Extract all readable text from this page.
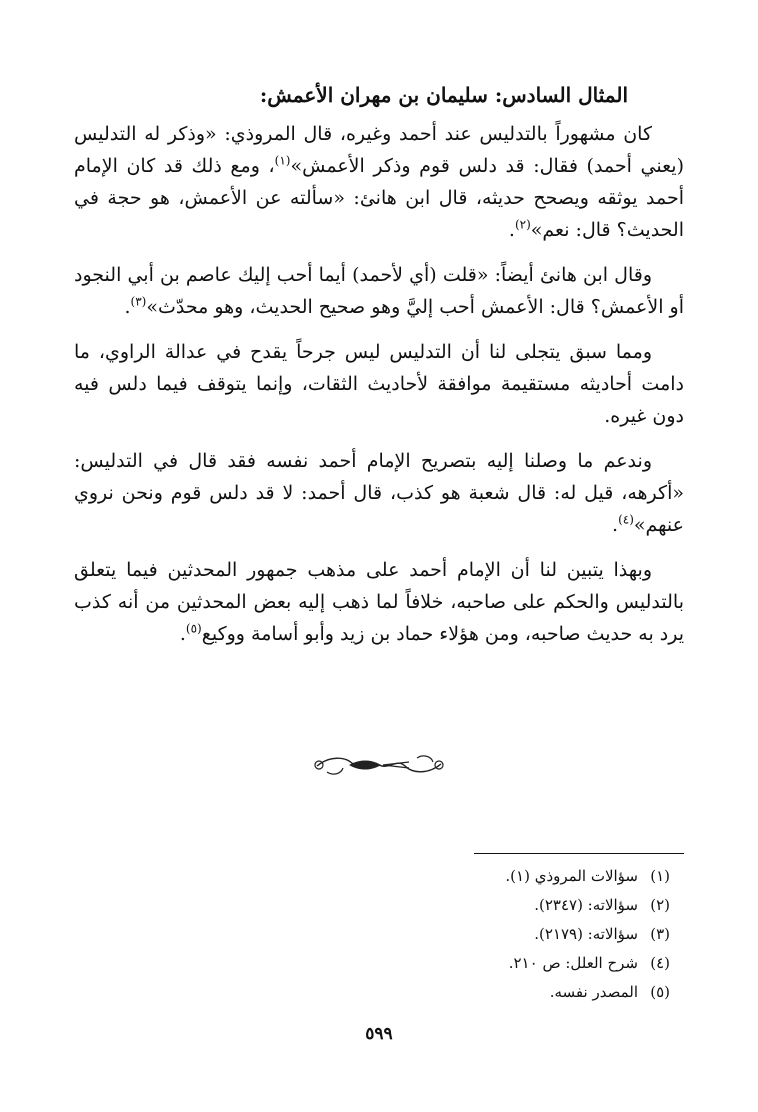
المثال السادس: سليمان بن مهران الأعمش:

كان مشهوراً بالتدليس عند أحمد وغيره، قال المروذي: «وذكر له التدليس (يعني أحمد) فقال: قد دلس قوم وذكر الأعمش»$^{(١)}$، ومع ذلك قد كان الإمام أحمد يوثقه ويصحح حديثه، قال ابن هانئ: «سألته عن الأعمش، هو حجة في الحديث؟ قال: نعم»$^{(٢)}$.

وقال ابن هانئ أيضاً: «قلت (أي لأحمد) أيما أحب إليك عاصم بن أبي النجود أو الأعمش؟ قال: الأعمش أحب إليَّ وهو صحيح الحديث، وهو محدّث»$^{(٣)}$.

ومما سبق يتجلى لنا أن التدليس ليس جرحاً يقدح في عدالة الراوي، ما دامت أحاديثه مستقيمة موافقة لأحاديث الثقات، وإنما يتوقف فيما دلس فيه دون غيره.

وندعم ما وصلنا إليه بتصريح الإمام أحمد نفسه فقد قال في التدليس: «أكرهه، قيل له: قال شعبة هو كذب، قال أحمد: لا قد دلس قوم ونحن نروي عنهم»$^{(٤)}$.

وبهذا يتبين لنا أن الإمام أحمد على مذهب جمهور المحدثين فيما يتعلق بالتدليس والحكم على صاحبه، خلافاً لما ذهب إليه بعض المحدثين من أنه كذب يرد به حديث صاحبه، ومن هؤلاء حماد بن زيد وأبو أسامة ووكيع$^{(٥)}$.

(١)سؤالات المروذي (١).
(٢)سؤالاته: (٢٣٤٧).
(٣)سؤالاته: (٢١٧٩).
(٤)شرح العلل: ص ٢١٠.
(٥)المصدر نفسه.
٥٩٩
